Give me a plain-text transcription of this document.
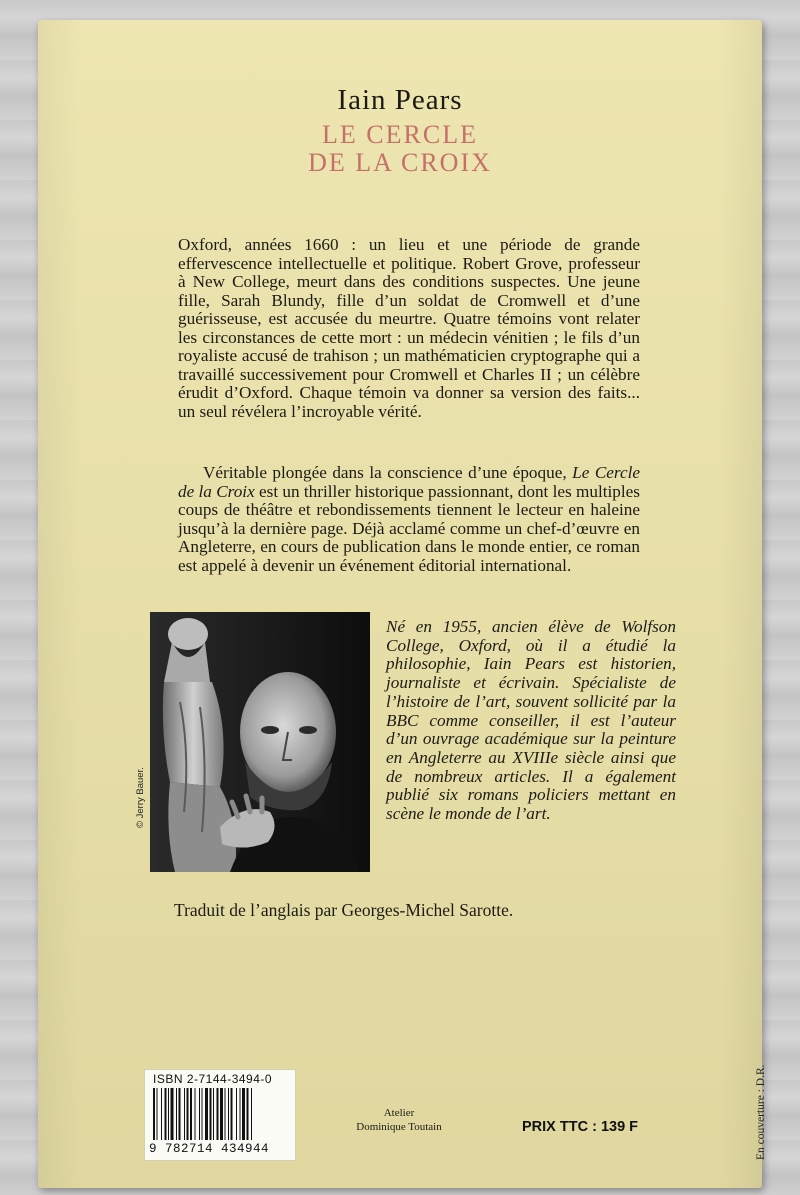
Iain Pears
LE CERCLE
DE LA CROIX
Oxford, années 1660 : un lieu et une période de grande effervescence intellectuelle et politique. Robert Grove, professeur à New College, meurt dans des conditions suspectes. Une jeune fille, Sarah Blundy, fille d’un soldat de Cromwell et d’une guérisseuse, est accusée du meurtre. Quatre témoins vont relater les circonstances de cette mort : un médecin vénitien ; le fils d’un royaliste accusé de trahison ; un mathématicien cryptographe qui a travaillé successivement pour Cromwell et Charles II ; un célèbre érudit d’Oxford. Chaque témoin va donner sa version des faits... un seul révélera l’incroyable vérité.
Véritable plongée dans la conscience d’une époque, Le Cercle de la Croix est un thriller historique passionnant, dont les multiples coups de théâtre et rebondissements tiennent le lecteur en haleine jusqu’à la dernière page. Déjà acclamé comme un chef-d’œuvre en Angleterre, en cours de publication dans le monde entier, ce roman est appelé à devenir un événement éditorial international.
© Jerry Bauer.
Né en 1955, ancien élève de Wolfson College, Oxford, où il a étudié la philosophie, Iain Pears est historien, journaliste et écrivain. Spécialiste de l’histoire de l’art, souvent sollicité par la BBC comme conseiller, il est l’auteur d’un ouvrage académique sur la peinture en Angleterre au XVIIIe siècle ainsi que de nombreux articles. Il a également publié six romans policiers mettant en scène le monde de l’art.
Traduit de l’anglais par Georges-Michel Sarotte.
En couverture : D.R.
ISBN 2-7144-3494-0
9 782714 434944
Atelier
Dominique Toutain	PRIX TTC : 139 F
